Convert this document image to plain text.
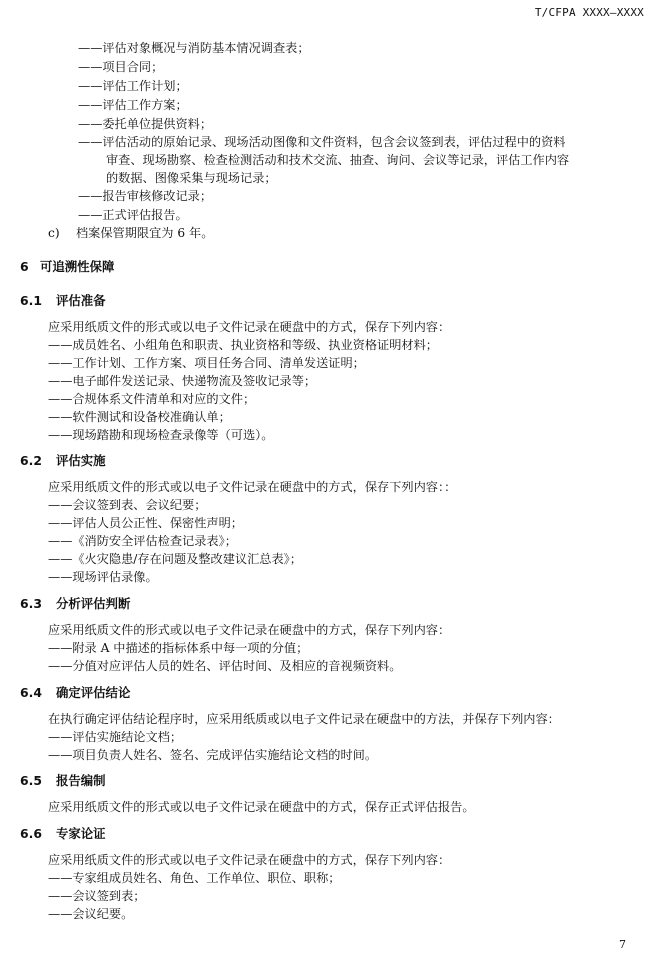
T/CFPA XXXX—XXXX
——评估对象概况与消防基本情况调查表；
——项目合同；
——评估工作计划；
——评估工作方案；
——委托单位提供资料；
——评估活动的原始记录、现场活动图像和文件资料，包含会议签到表，评估过程中的资料
审查、现场勘察、检查检测活动和技术交流、抽查、询问、会议等记录，评估工作内容
的数据、图像采集与现场记录；
——报告审核修改记录；
——正式评估报告。
c) 档案保管期限宜为 6 年。
6 可追溯性保障
6.1 评估准备
应采用纸质文件的形式或以电子文件记录在硬盘中的方式，保存下列内容：
——成员姓名、小组角色和职责、执业资格和等级、执业资格证明材料；
——工作计划、工作方案、项目任务合同、清单发送证明；
——电子邮件发送记录、快递物流及签收记录等；
——合规体系文件清单和对应的文件；
——软件测试和设备校准确认单；
——现场踏勘和现场检查录像等（可选）。
6.2 评估实施
应采用纸质文件的形式或以电子文件记录在硬盘中的方式，保存下列内容：：
——会议签到表、会议纪要；
——评估人员公正性、保密性声明；
——《消防安全评估检查记录表》；
——《火灾隐患/存在问题及整改建议汇总表》；
——现场评估录像。
6.3 分析评估判断
应采用纸质文件的形式或以电子文件记录在硬盘中的方式，保存下列内容：
——附录 A 中描述的指标体系中每一项的分值；
——分值对应评估人员的姓名、评估时间、及相应的音视频资料。
6.4 确定评估结论
在执行确定评估结论程序时，应采用纸质或以电子文件记录在硬盘中的方法，并保存下列内容：
——评估实施结论文档；
——项目负责人姓名、签名、完成评估实施结论文档的时间。
6.5 报告编制
应采用纸质文件的形式或以电子文件记录在硬盘中的方式，保存正式评估报告。
6.6 专家论证
应采用纸质文件的形式或以电子文件记录在硬盘中的方式，保存下列内容：
——专家组成员姓名、角色、工作单位、职位、职称；
——会议签到表；
——会议纪要。
7
